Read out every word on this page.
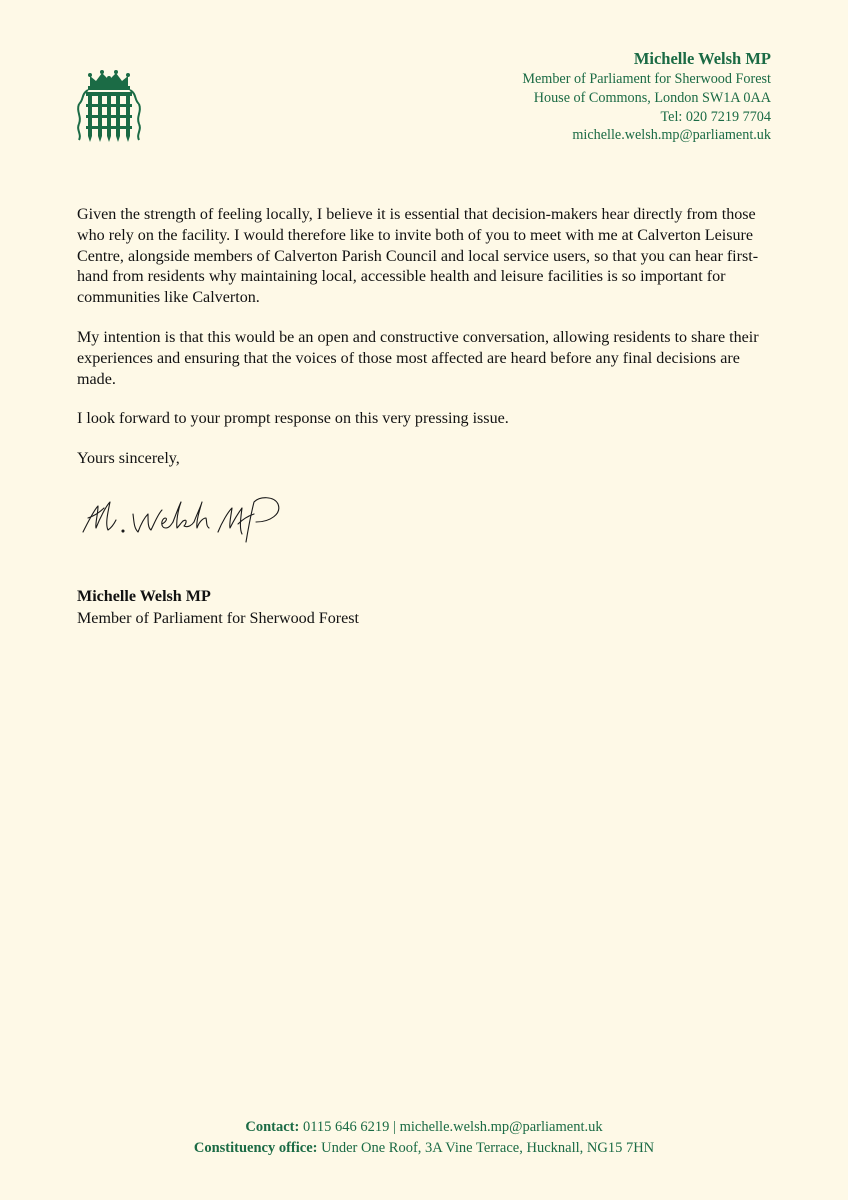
Michelle Welsh MP
Member of Parliament for Sherwood Forest
House of Commons, London SW1A 0AA
Tel: 020 7219 7704
michelle.welsh.mp@parliament.uk

Given the strength of feeling locally, I believe it is essential that decision-makers hear directly from those who rely on the facility. I would therefore like to invite both of you to meet with me at Calverton Leisure Centre, alongside members of Calverton Parish Council and local service users, so that you can hear first-hand from residents why maintaining local, accessible health and leisure facilities is so important for communities like Calverton.

My intention is that this would be an open and constructive conversation, allowing residents to share their experiences and ensuring that the voices of those most affected are heard before any final decisions are made.

I look forward to your prompt response on this very pressing issue.

Yours sincerely,

Michelle Welsh MP
Member of Parliament for Sherwood Forest
Contact: 0115 646 6219 | michelle.welsh.mp@parliament.uk
Constituency office: Under One Roof, 3A Vine Terrace, Hucknall, NG15 7HN
